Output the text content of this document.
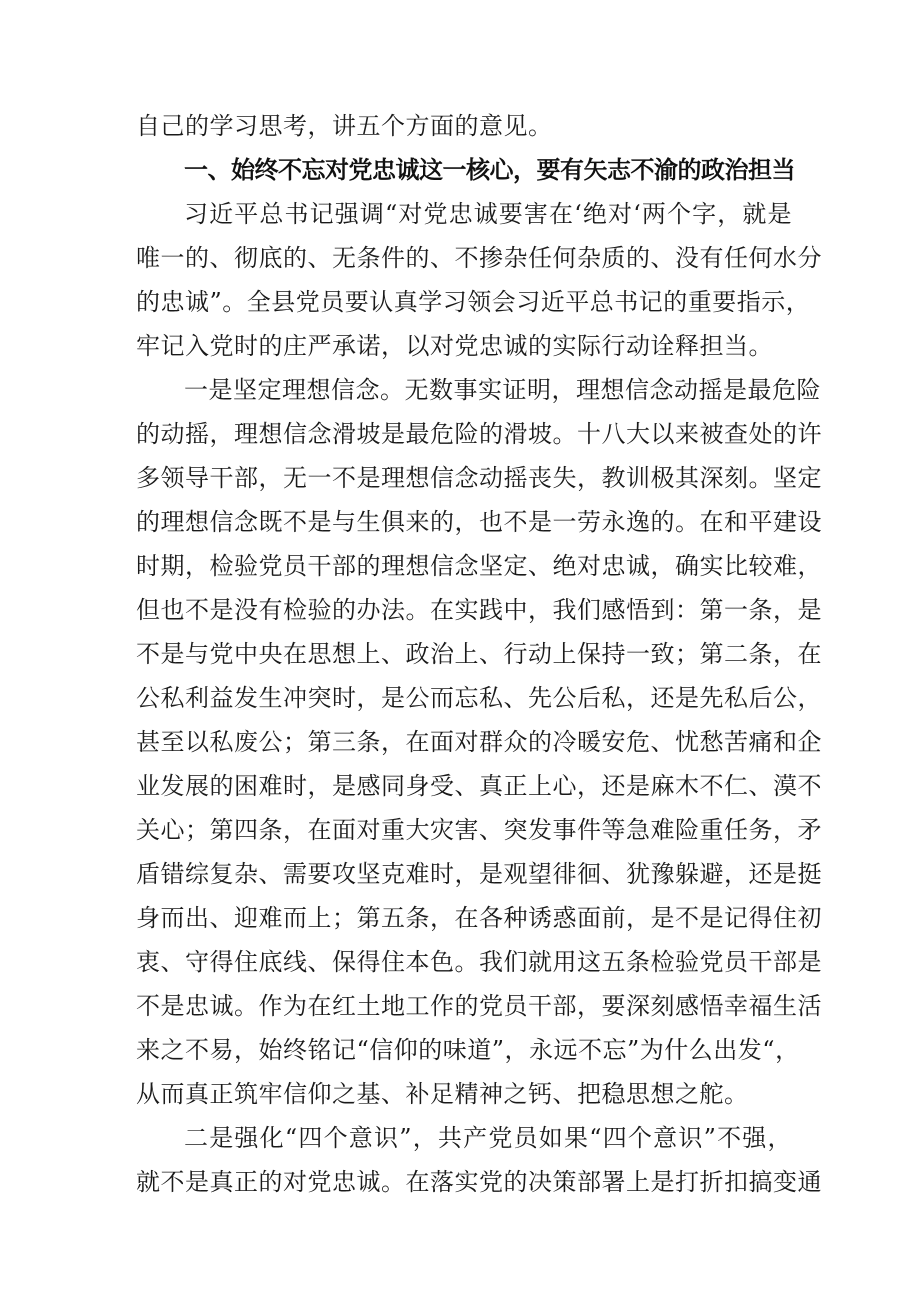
自己的学习思考，讲五个方面的意见。
一、始终不忘对党忠诚这一核心，要有矢志不渝的政治担当
习近平总书记强调“对党忠诚要害在‘绝对‘两个字，就是
唯一的、彻底的、无条件的、不掺杂任何杂质的、没有任何水分
的忠诚”。全县党员要认真学习领会习近平总书记的重要指示，
牢记入党时的庄严承诺，以对党忠诚的实际行动诠释担当。
一是坚定理想信念。无数事实证明，理想信念动摇是最危险
的动摇，理想信念滑坡是最危险的滑坡。十八大以来被查处的许
多领导干部，无一不是理想信念动摇丧失，教训极其深刻。坚定
的理想信念既不是与生俱来的，也不是一劳永逸的。在和平建设
时期，检验党员干部的理想信念坚定、绝对忠诚，确实比较难，
但也不是没有检验的办法。在实践中，我们感悟到：第一条，是
不是与党中央在思想上、政治上、行动上保持一致；第二条，在
公私利益发生冲突时，是公而忘私、先公后私，还是先私后公，
甚至以私废公；第三条，在面对群众的冷暖安危、忧愁苦痛和企
业发展的困难时，是感同身受、真正上心，还是麻木不仁、漠不
关心；第四条，在面对重大灾害、突发事件等急难险重任务，矛
盾错综复杂、需要攻坚克难时，是观望徘徊、犹豫躲避，还是挺
身而出、迎难而上；第五条，在各种诱惑面前，是不是记得住初
衷、守得住底线、保得住本色。我们就用这五条检验党员干部是
不是忠诚。作为在红土地工作的党员干部，要深刻感悟幸福生活
来之不易，始终铭记“信仰的味道”，永远不忘”为什么出发“，
从而真正筑牢信仰之基、补足精神之钙、把稳思想之舵。
二是强化“四个意识”，共产党员如果“四个意识”不强，
就不是真正的对党忠诚。在落实党的决策部署上是打折扣搞变通
